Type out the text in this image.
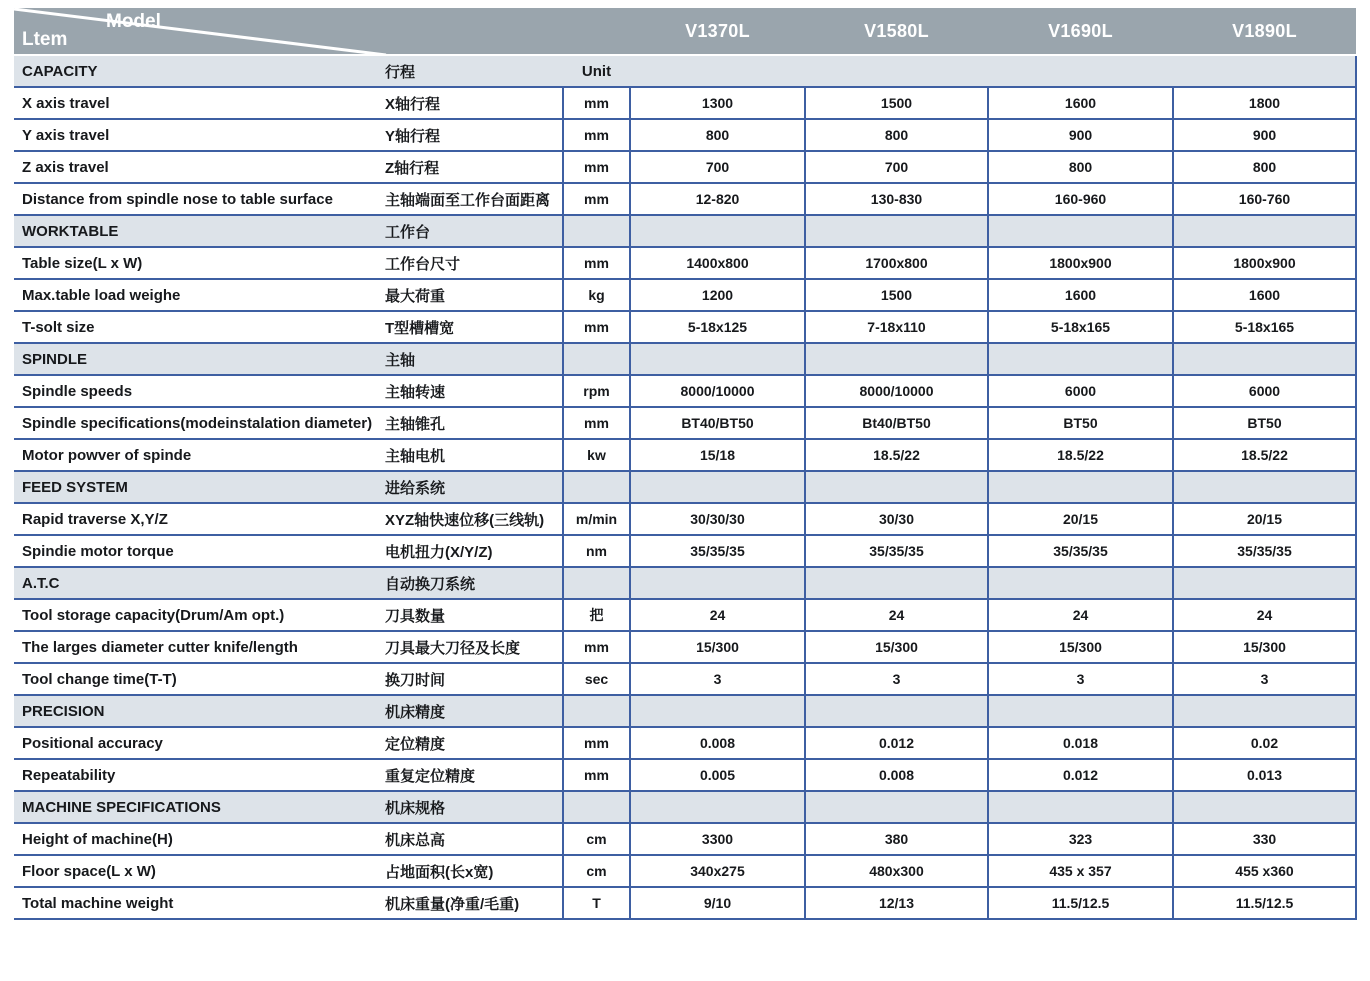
Model
Ltem			V1370L	V1580L	V1690L	V1890L
CAPACITY	行程	Unit				
X axis travel	X轴行程	mm	1300	1500	1600	1800
Y axis travel	Y轴行程	mm	800	800	900	900
Z axis travel	Z轴行程	mm	700	700	800	800
Distance from spindle nose to table surface	主轴端面至工作台面距离	mm	12-820	130-830	160-960	160-760
WORKTABLE	工作台					
Table size(L x W)	工作台尺寸	mm	1400x800	1700x800	1800x900	1800x900
Max.table load weighe	最大荷重	kg	1200	1500	1600	1600
T-solt size	T型槽槽宽	mm	5-18x125	7-18x110	5-18x165	5-18x165
SPINDLE	主轴					
Spindle speeds	主轴转速	rpm	8000/10000	8000/10000	6000	6000
Spindle specifications(modeinstalation diameter)	主轴锥孔	mm	BT40/BT50	Bt40/BT50	BT50	BT50
Motor powver of spinde	主轴电机	kw	15/18	18.5/22	18.5/22	18.5/22
FEED SYSTEM	进给系统					
Rapid traverse X,Y/Z	XYZ轴快速位移(三线轨)	m/min	30/30/30	30/30	20/15	20/15
Spindie motor torque	电机扭力(X/Y/Z)	nm	35/35/35	35/35/35	35/35/35	35/35/35
A.T.C	自动换刀系统					
Tool storage capacity(Drum/Am opt.)	刀具数量	把	24	24	24	24
The larges diameter cutter knife/length	刀具最大刀径及长度	mm	15/300	15/300	15/300	15/300
Tool change time(T-T)	换刀时间	sec	3	3	3	3
PRECISION	机床精度					
Positional accuracy	定位精度	mm	0.008	0.012	0.018	0.02
Repeatability	重复定位精度	mm	0.005	0.008	0.012	0.013
MACHINE SPECIFICATIONS	机床规格					
Height of machine(H)	机床总高	cm	3300	380	323	330
Floor space(L x W)	占地面积(长x宽)	cm	340x275	480x300	435 x 357	455 x360
Total machine weight	机床重量(净重/毛重)	T	9/10	12/13	11.5/12.5	11.5/12.5
